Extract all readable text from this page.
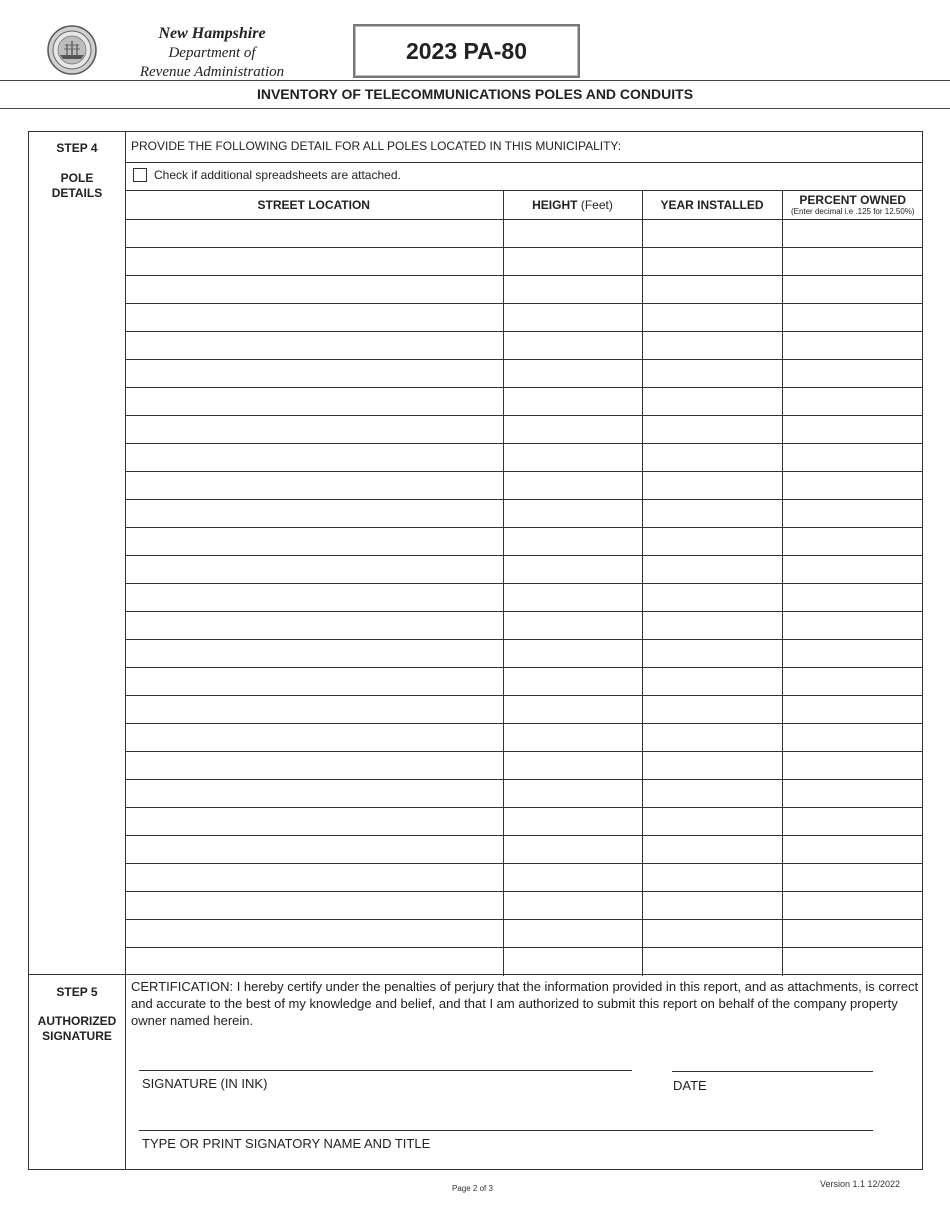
New Hampshire
Department of
Revenue Administration
2023 PA-80
INVENTORY OF TELECOMMUNICATIONS POLES AND CONDUITS
STEP 4
POLE
DETAILS
PROVIDE THE FOLLOWING DETAIL FOR ALL POLES LOCATED IN THIS MUNICIPALITY:
Check if additional spreadsheets are attached.
STREET LOCATION	HEIGHT (Feet)	YEAR INSTALLED	PERCENT OWNED
(Enter decimal i.e .125 for 12.50%)

STEP 5
AUTHORIZED
SIGNATURE
CERTIFICATION: I hereby certify under the penalties of perjury that the information provided in this report, and as attachments, is correct and accurate to the best of my knowledge and belief, and that I am authorized to submit this report on behalf of the company property owner named herein.
SIGNATURE (IN INK)	DATE
TYPE OR PRINT SIGNATORY NAME AND TITLE
Page 2 of 3	Version 1.1 12/2022
